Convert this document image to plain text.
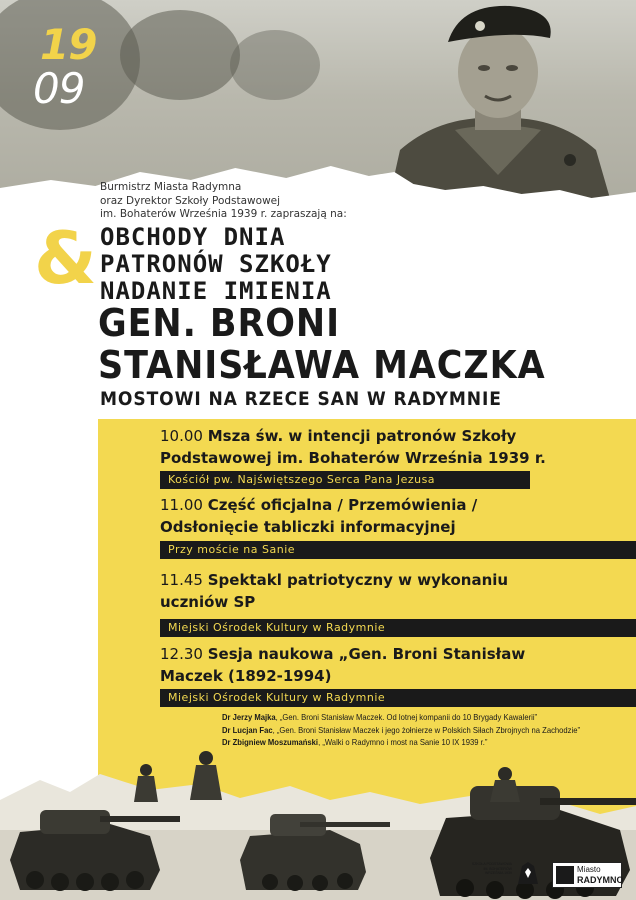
19
09
Burmistrz Miasta Radymna
oraz Dyrektor Szkoły Podstawowej
im. Bohaterów Września 1939 r. zapraszają na:
& OBCHODY DNIA
PATRONÓW SZKOŁY
NADANIE IMIENIA
GEN. BRONI
STANISŁAWA MACZKA
MOSTOWI NA RZECE SAN W RADYMNIE
10.00 Msza św. w intencji patronów Szkoły
Podstawowej im. Bohaterów Września 1939 r.
Kościół pw. Najświętszego Serca Pana Jezusa
11.00 Część oficjalna / Przemówienia /
Odsłonięcie tabliczki informacyjnej
Przy moście na Sanie
11.45 Spektakl patriotyczny w wykonaniu
uczniów SP
Miejski Ośrodek Kultury w Radymnie
12.30 Sesja naukowa „Gen. Broni Stanisław
Maczek (1892-1994)
Miejski Ośrodek Kultury w Radymnie
Dr Jerzy Majka, „Gen. Broni Stanisław Maczek. Od lotnej kompanii do 10 Brygady Kawalerii”
Dr Lucjan Fac, „Gen. Broni Stanisław Maczek i jego żołnierze w Polskich Siłach Zbrojnych na Zachodzie”
Dr Zbigniew Moszumański, „Walki o Radymno i most na Sanie 10 IX 1939 r.”
SZKOŁA PODSTAWOWA IM. BOHATERÓW WRZEŚNIA 1939	Miasto
RADYMNO
